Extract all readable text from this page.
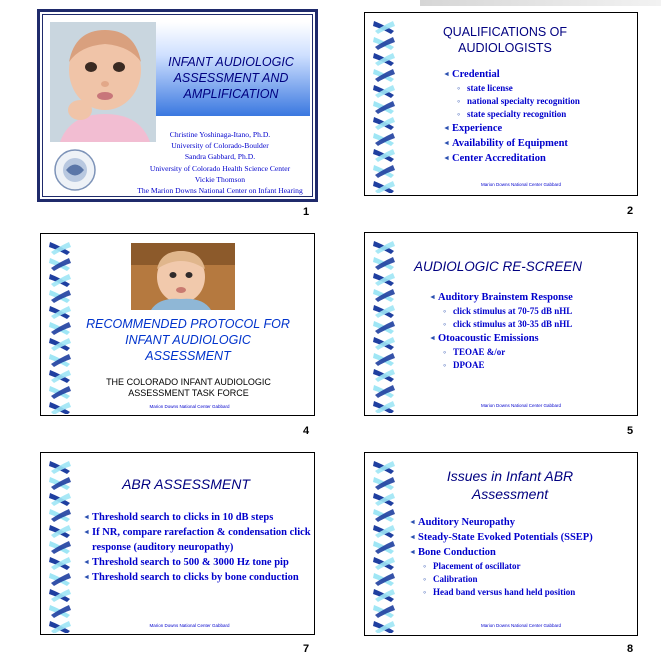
INFANT AUDIOLOGIC ASSESSMENT AND AMPLIFICATION
Christine Yoshinaga-Itano, Ph.D.
University of Colorado-Boulder
Sandra Gabbard, Ph.D.
University of Colorado Health Science Center
Vickie Thomson
The Marion Downs National Center on Infant Hearing
1
QUALIFICATIONS OF AUDIOLOGISTS
◄ Credential
◦ state license
◦ national specialty recognition
◦ state specialty recognition
◄ Experience
◄ Availability of Equipment
◄ Center Accreditation
Marion Downs National Center Gabbard
2
RECOMMENDED PROTOCOL FOR INFANT AUDIOLOGIC ASSESSMENT
THE COLORADO INFANT AUDIOLOGIC ASSESSMENT TASK FORCE
Marion Downs National Center Gabbard
4
AUDIOLOGIC RE-SCREEN
◄ Auditory Brainstem Response
◦ click stimulus at 70-75 dB nHL
◦ click stimulus at 30-35 dB nHL
◄ Otoacoustic Emissions
◦ TEOAE &/or
◦ DPOAE
Marion Downs National Center Gabbard
5
ABR ASSESSMENT
◄ Threshold search to clicks in 10 dB steps
◄ If NR, compare rarefaction & condensation click response (auditory neuropathy)
◄ Threshold search to 500 & 3000 Hz tone pip
◄ Threshold search to clicks by bone conduction
Marion Downs National Center Gabbard
7
Issues in Infant ABR Assessment
◄ Auditory Neuropathy
◄ Steady-State Evoked Potentials (SSEP)
◄ Bone Conduction
◦ Placement of oscillator
◦ Calibration
◦ Head band versus hand held position
Marion Downs National Center Gabbard
8
